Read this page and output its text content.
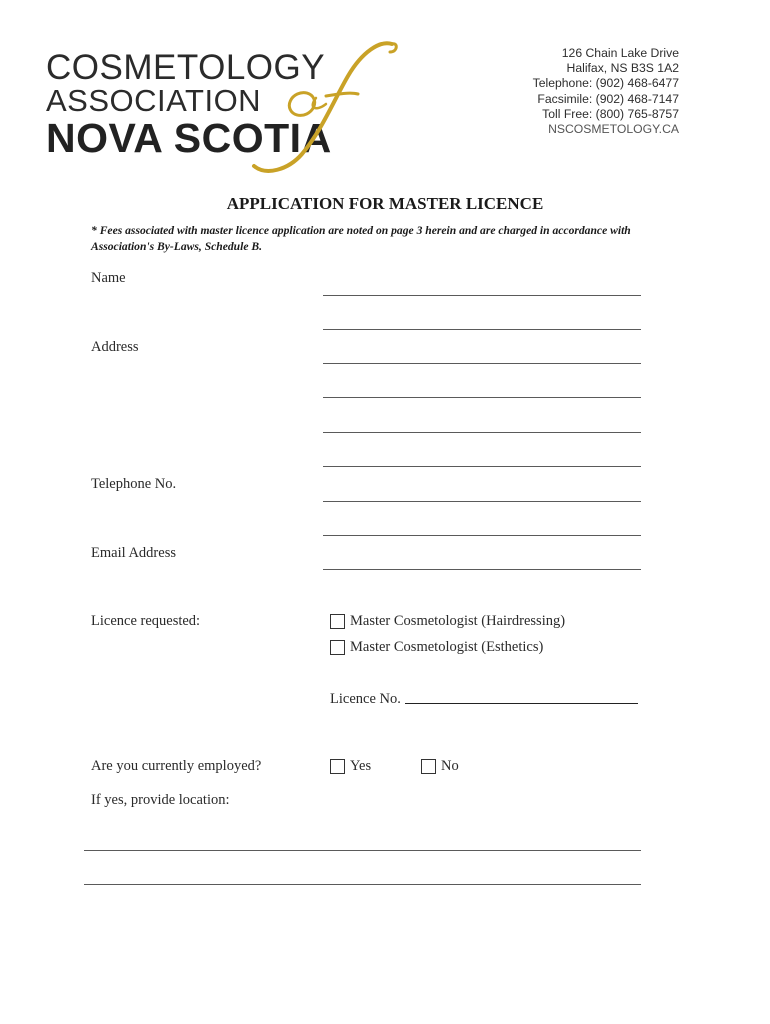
COSMETOLOGY
ASSOCIATION
NOVA SCOTIA
126 Chain Lake Drive
Halifax, NS B3S 1A2
Telephone: (902) 468-6477
Facsimile: (902) 468-7147
Toll Free: (800) 765-8757
NSCOSMETOLOGY.CA
APPLICATION FOR MASTER LICENCE
* Fees associated with master licence application are noted on page 3 herein and are charged in accordance with Association's By-Laws, Schedule B.
Name
Address
Telephone No.
Email Address
Licence requested:	Master Cosmetologist (Hairdressing)
Master Cosmetologist (Esthetics)
Licence No.
Are you currently employed?	Yes	No
If yes, provide location:
